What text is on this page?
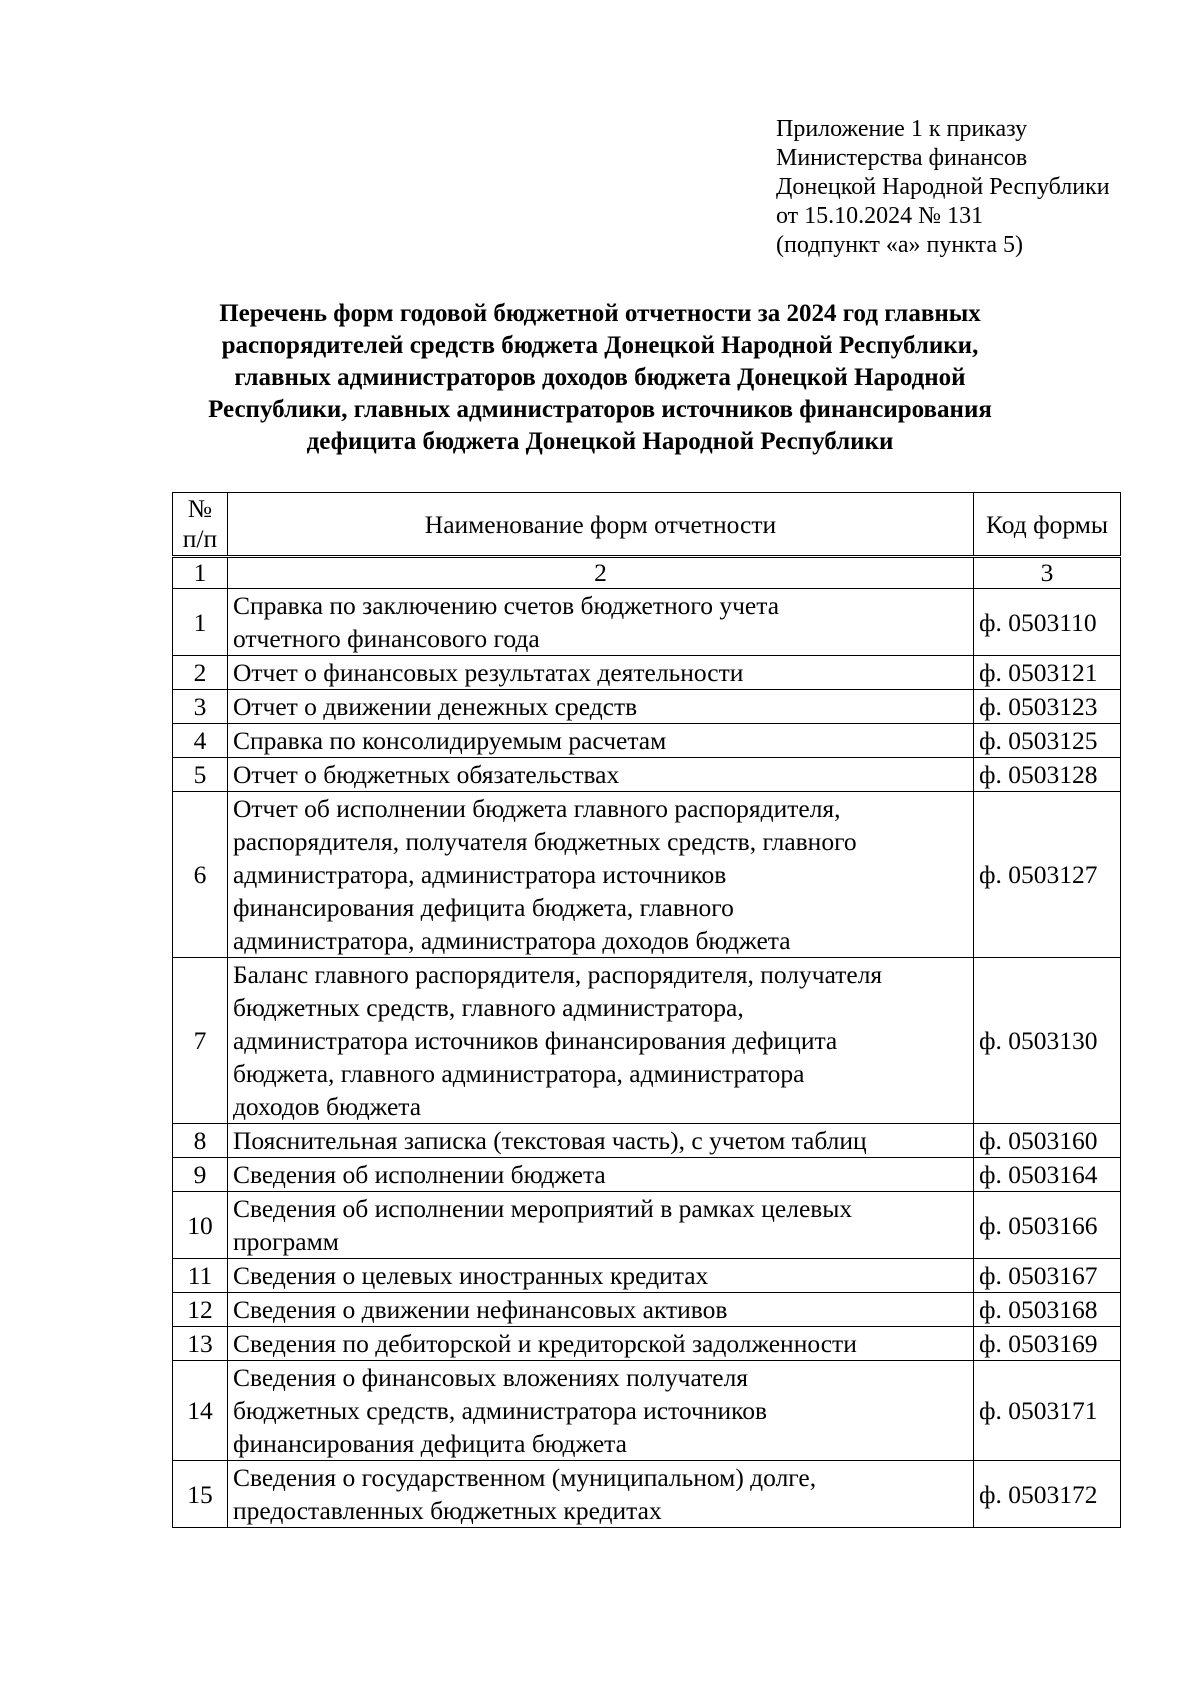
Приложение 1 к приказу
Министерства финансов
Донецкой Народной Республики
от 15.10.2024 № 131
(подпункт «а» пункта 5)
Перечень форм годовой бюджетной отчетности за 2024 год главных
распорядителей средств бюджета Донецкой Народной Республики,
главных администраторов доходов бюджета Донецкой Народной
Республики, главных администраторов источников финансирования
дефицита бюджета Донецкой Народной Республики
№
п/п	Наименование форм отчетности	Код формы
1	2	3
1	Справка по заключению счетов бюджетного учета
отчетного финансового года	ф. 0503110
2	Отчет о финансовых результатах деятельности	ф. 0503121
3	Отчет о движении денежных средств	ф. 0503123
4	Справка по консолидируемым расчетам	ф. 0503125
5	Отчет о бюджетных обязательствах	ф. 0503128
6	Отчет об исполнении бюджета главного распорядителя,
распорядителя, получателя бюджетных средств, главного
администратора, администратора источников
финансирования дефицита бюджета, главного
администратора, администратора доходов бюджета	ф. 0503127
7	Баланс главного распорядителя, распорядителя, получателя
бюджетных средств, главного администратора,
администратора источников финансирования дефицита
бюджета, главного администратора, администратора
доходов бюджета	ф. 0503130
8	Пояснительная записка (текстовая часть), с учетом таблиц	ф. 0503160
9	Сведения об исполнении бюджета	ф. 0503164
10	Сведения об исполнении мероприятий в рамках целевых
программ	ф. 0503166
11	Сведения о целевых иностранных кредитах	ф. 0503167
12	Сведения о движении нефинансовых активов	ф. 0503168
13	Сведения по дебиторской и кредиторской задолженности	ф. 0503169
14	Сведения о финансовых вложениях получателя
бюджетных средств, администратора источников
финансирования дефицита бюджета	ф. 0503171
15	Сведения о государственном (муниципальном) долге,
предоставленных бюджетных кредитах	ф. 0503172
